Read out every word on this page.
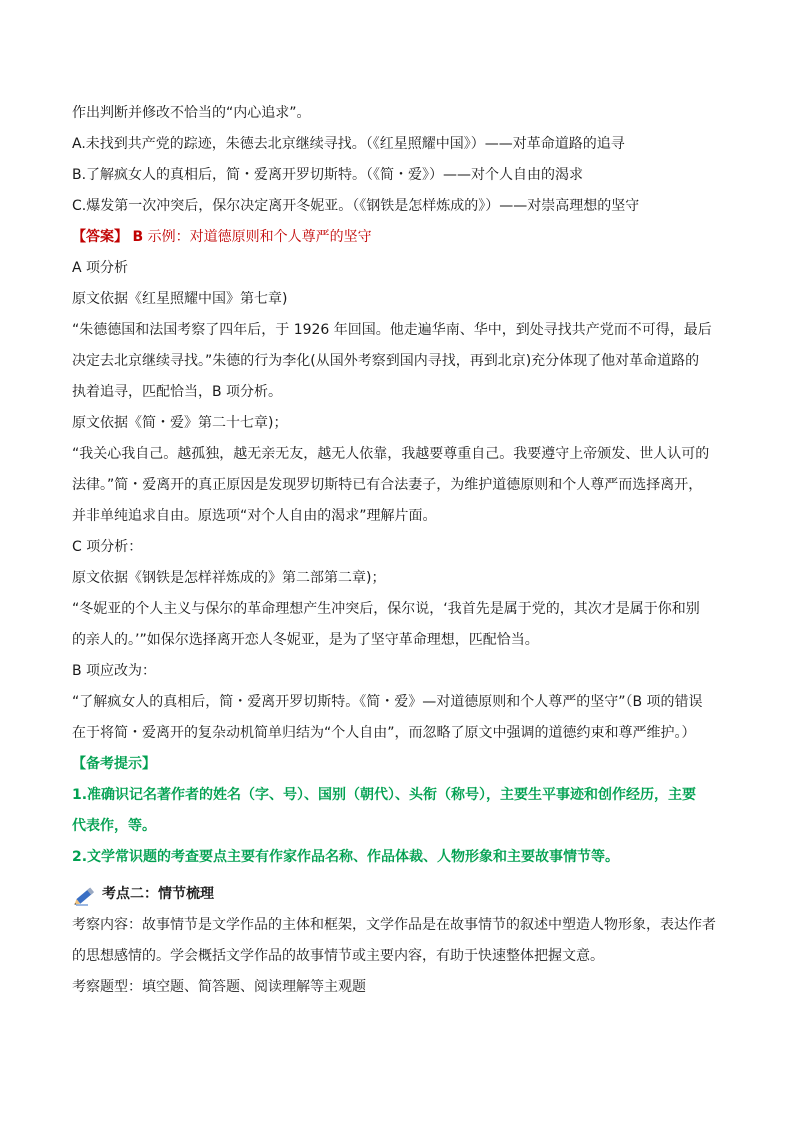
作出判断并修改不恰当的“内心追求”。
A.未找到共产党的踪迹，朱德去北京继续寻找。（《红星照耀中国》）——对革命道路的追寻
B.了解疯女人的真相后，简・爱离开罗切斯特。（《简・爱》）——对个人自由的渴求
C.爆发第一次冲突后，保尔决定离开冬妮亚。（《钢铁是怎样炼成的》）——对崇高理想的坚守
【答案】 B 示例：对道德原则和个人尊严的坚守
A 项分析
原文依据《红星照耀中国》第七章)
“朱德德国和法国考察了四年后，于 1926 年回国。他走遍华南、华中，到处寻找共产党而不可得，最后
决定去北京继续寻找。”朱德的行为李化(从国外考察到国内寻找，再到北京)充分体现了他对革命道路的
执着追寻，匹配恰当，B 项分析。
原文依据《简・爱》第二十七章)；
“我关心我自己。越孤独，越无亲无友，越无人依靠，我越要尊重自己。我要遵守上帝颁发、世人认可的
法律。”简・爱离开的真正原因是发现罗切斯特已有合法妻子，为维护道德原则和个人尊严而选择离开，
并非单纯追求自由。原选项“对个人自由的渴求”理解片面。
C 项分析：
原文依据《钢铁是怎样祥炼成的》第二部第二章)；
“冬妮亚的个人主义与保尔的革命理想产生冲突后，保尔说，‘我首先是属于党的，其次才是属于你和别
的亲人的。’”如保尔选择离开恋人冬妮亚，是为了坚守革命理想，匹配恰当。
B 项应改为：
“了解疯女人的真相后，简・爱离开罗切斯特。《简・爱》—对道德原则和个人尊严的坚守”（B 项的错误
在于将简・爱离开的复杂动机简单归结为“个人自由”，而忽略了原文中强调的道德约束和尊严维护。）
【备考提示】
1.准确识记名著作者的姓名（字、号）、国别（朝代）、头衔（称号），主要生平事迹和创作经历，主要
代表作，等。
2.文学常识题的考查要点主要有作家作品名称、作品体裁、人物形象和主要故事情节等。
考点二：情节梳理
考察内容：故事情节是文学作品的主体和框架，文学作品是在故事情节的叙述中塑造人物形象，表达作者
的思想感情的。学会概括文学作品的故事情节或主要内容，有助于快速整体把握文意。
考察题型：填空题、简答题、阅读理解等主观题
